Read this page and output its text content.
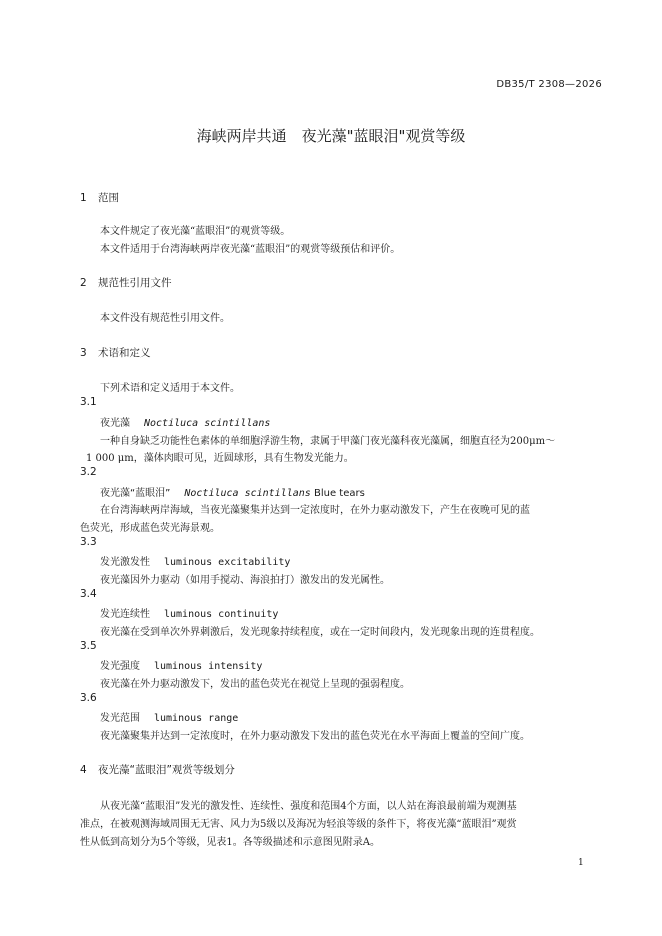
DB35/T 2308—2026
海峡两岸共通　夜光藻"蓝眼泪"观赏等级
1 范围
本文件规定了夜光藻“蓝眼泪”的观赏等级。
本文件适用于台湾海峡两岸夜光藻“蓝眼泪”的观赏等级预估和评价。
2 规范性引用文件
本文件没有规范性引用文件。
3 术语和定义
下列术语和定义适用于本文件。
3.1
夜光藻 Noctiluca scintillans
一种自身缺乏功能性色素体的单细胞浮游生物，隶属于甲藻门夜光藻科夜光藻属，细胞直径为200μm～
1 000 μm，藻体肉眼可见，近圆球形，具有生物发光能力。
3.2
夜光藻“蓝眼泪” Noctiluca scintillans Blue tears
在台湾海峡两岸海域，当夜光藻聚集并达到一定浓度时，在外力驱动激发下，产生在夜晚可见的蓝
色荧光，形成蓝色荧光海景观。
3.3
发光激发性 luminous excitability
夜光藻因外力驱动（如用手搅动、海浪拍打）激发出的发光属性。
3.4
发光连续性 luminous continuity
夜光藻在受到单次外界刺激后，发光现象持续程度，或在一定时间段内，发光现象出现的连贯程度。
3.5
发光强度 luminous intensity
夜光藻在外力驱动激发下，发出的蓝色荧光在视觉上呈现的强弱程度。
3.6
发光范围 luminous range
夜光藻聚集并达到一定浓度时，在外力驱动激发下发出的蓝色荧光在水平海面上覆盖的空间广度。
4 夜光藻“蓝眼泪”观赏等级划分
从夜光藻“蓝眼泪”发光的激发性、连续性、强度和范围4个方面，以人站在海浪最前端为观测基
准点，在被观测海域周围无无害、风力为5级以及海况为轻浪等级的条件下，将夜光藻“蓝眼泪”观赏
性从低到高划分为5个等级，见表1。各等级描述和示意图见附录A。
1
